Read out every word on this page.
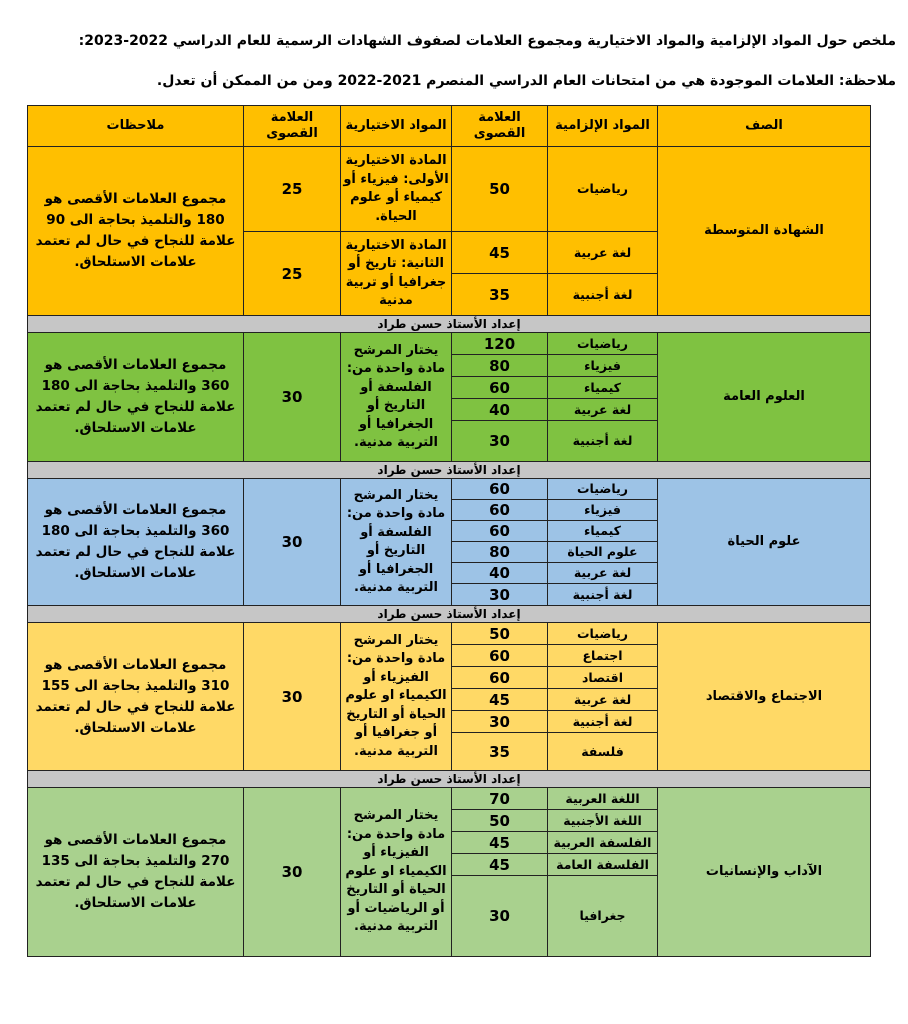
ملخص حول المواد الإلزامية والمواد الاختيارية ومجموع العلامات لصفوف الشهادات الرسمية للعام الدراسي 2022-2023:

ملاحظة: العلامات الموجودة هي من امتحانات العام الدراسي المنصرم 2021-2022 ومن من الممكن أن تعدل.

الصف	المواد الإلزامية	العلامة القصوى	المواد الاختيارية	العلامة القصوى	ملاحظات
الشهادة المتوسطة	رياضيات	50	المادة الاختيارية الأولى: فيزياء أو كيمياء أو علوم الحياة.	25	مجموع العلامات الأقصى هو 180 والتلميذ بحاجة الى 90 علامة للنجاح في حال لم تعتمد علامات الاستلحاق.
	لغة عربية	45	المادة الاختيارية الثانية: تاريخ أو جغرافيا أو تربية مدنية	25	
	لغة أجنبية	35			
إعداد الأستاذ حسن طراد					
العلوم العامة	رياضيات	120	يختار المرشح مادة واحدة من: الفلسفة أو التاريخ أو الجغرافيا أو التربية مدنية.	30	مجموع العلامات الأقصى هو 360 والتلميذ بحاجة الى 180 علامة للنجاح في حال لم تعتمد علامات الاستلحاق.
	فيزياء	80			
	كيمياء	60			
	لغة عربية	40			
	لغة أجنبية	30			
إعداد الأستاذ حسن طراد					
علوم الحياة	رياضيات	60	يختار المرشح مادة واحدة من: الفلسفة أو التاريخ أو الجغرافيا أو التربية مدنية.	30	مجموع العلامات الأقصى هو 360 والتلميذ بحاجة الى 180 علامة للنجاح في حال لم تعتمد علامات الاستلحاق.
	فيزياء	60			
	كيمياء	60			
	علوم الحياة	80			
	لغة عربية	40			
	لغة أجنبية	30			
إعداد الأستاذ حسن طراد					
الاجتماع والاقتصاد	رياضيات	50	يختار المرشح مادة واحدة من: الفيزياء أو الكيمياء او علوم الحياة أو التاريخ أو جغرافيا أو التربية مدنية.	30	مجموع العلامات الأقصى هو 310 والتلميذ بحاجة الى 155 علامة للنجاح في حال لم تعتمد علامات الاستلحاق.
	اجتماع	60			
	اقتصاد	60			
	لغة عربية	45			
	لغة أجنبية	30			
	فلسفة	35			
إعداد الأستاذ حسن طراد					
الآداب والإنسانيات	اللغة العربية	70	يختار المرشح مادة واحدة من: الفيزياء أو الكيمياء او علوم الحياة أو التاريخ أو الرياضيات أو التربية مدنية.	30	مجموع العلامات الأقصى هو 270 والتلميذ بحاجة الى 135 علامة للنجاح في حال لم تعتمد علامات الاستلحاق.
	اللغة الأجنبية	50			
	الفلسفة العربية	45			
	الفلسفة العامة	45			
	جغرافيا	30			
